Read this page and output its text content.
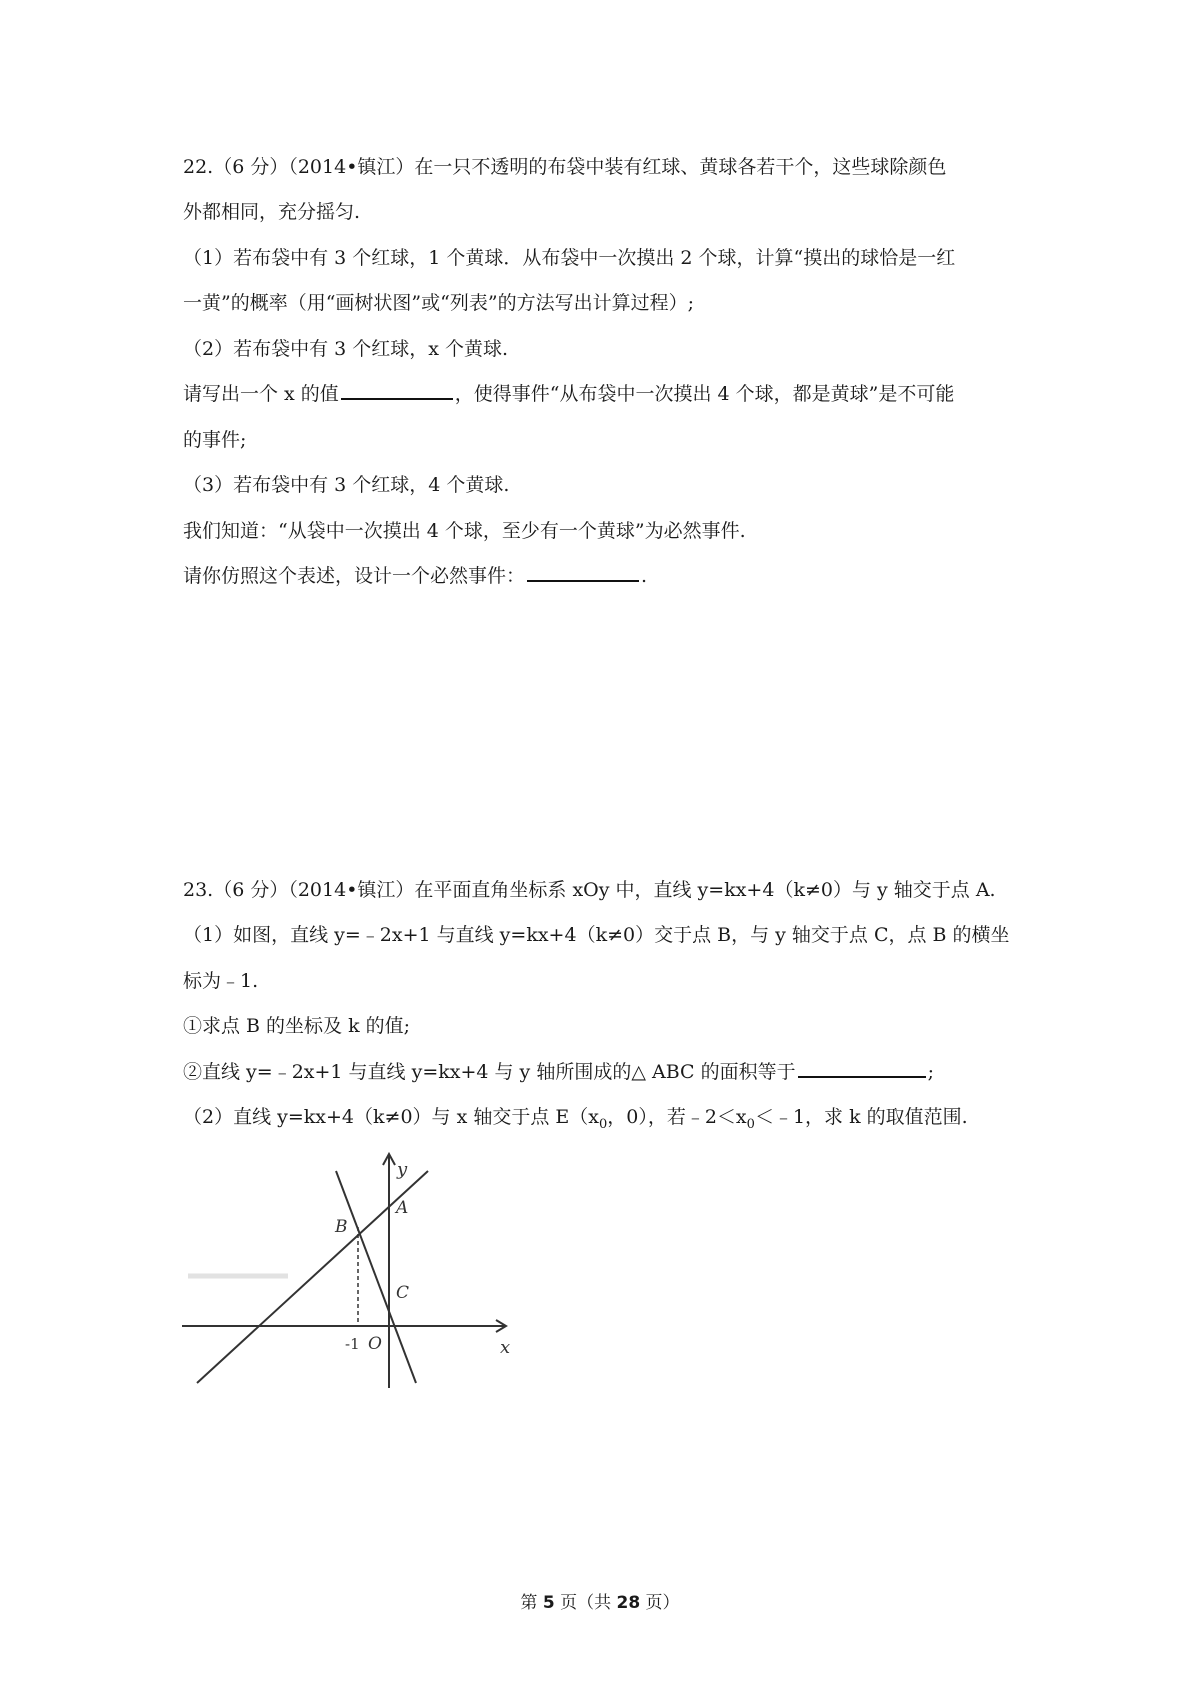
22.（6 分）（2014•镇江）在一只不透明的布袋中装有红球、黄球各若干个，这些球除颜色
外都相同，充分摇匀.
（1）若布袋中有 3 个红球，1 个黄球．从布袋中一次摸出 2 个球，计算“摸出的球恰是一红
一黄”的概率（用“画树状图”或“列表”的方法写出计算过程）;
（2）若布袋中有 3 个红球，x 个黄球.
请写出一个 x 的值	，使得事件“从布袋中一次摸出 4 个球，都是黄球”是不可能
的事件;
（3）若布袋中有 3 个红球，4 个黄球.
我们知道：“从袋中一次摸出 4 个球，至少有一个黄球”为必然事件.
请你仿照这个表述，设计一个必然事件：	.
23.（6 分）（2014•镇江）在平面直角坐标系 xOy 中，直线 y=kx+4（k≠0）与 y 轴交于点 A.
（1）如图，直线 y=﹣2x+1 与直线 y=kx+4（k≠0）交于点 B，与 y 轴交于点 C，点 B 的横坐
标为﹣1.
①求点 B 的坐标及 k 的值;
②直线 y=﹣2x+1 与直线 y=kx+4 与 y 轴所围成的△ ABC 的面积等于	;
（2）直线 y=kx+4（k≠0）与 x 轴交于点 $E(x_0$，0），若$﹣2<x_0<﹣1$，求 k 的取值范围.
y
x
A
B
C
O
-1
第 5 页（共 28 页）
